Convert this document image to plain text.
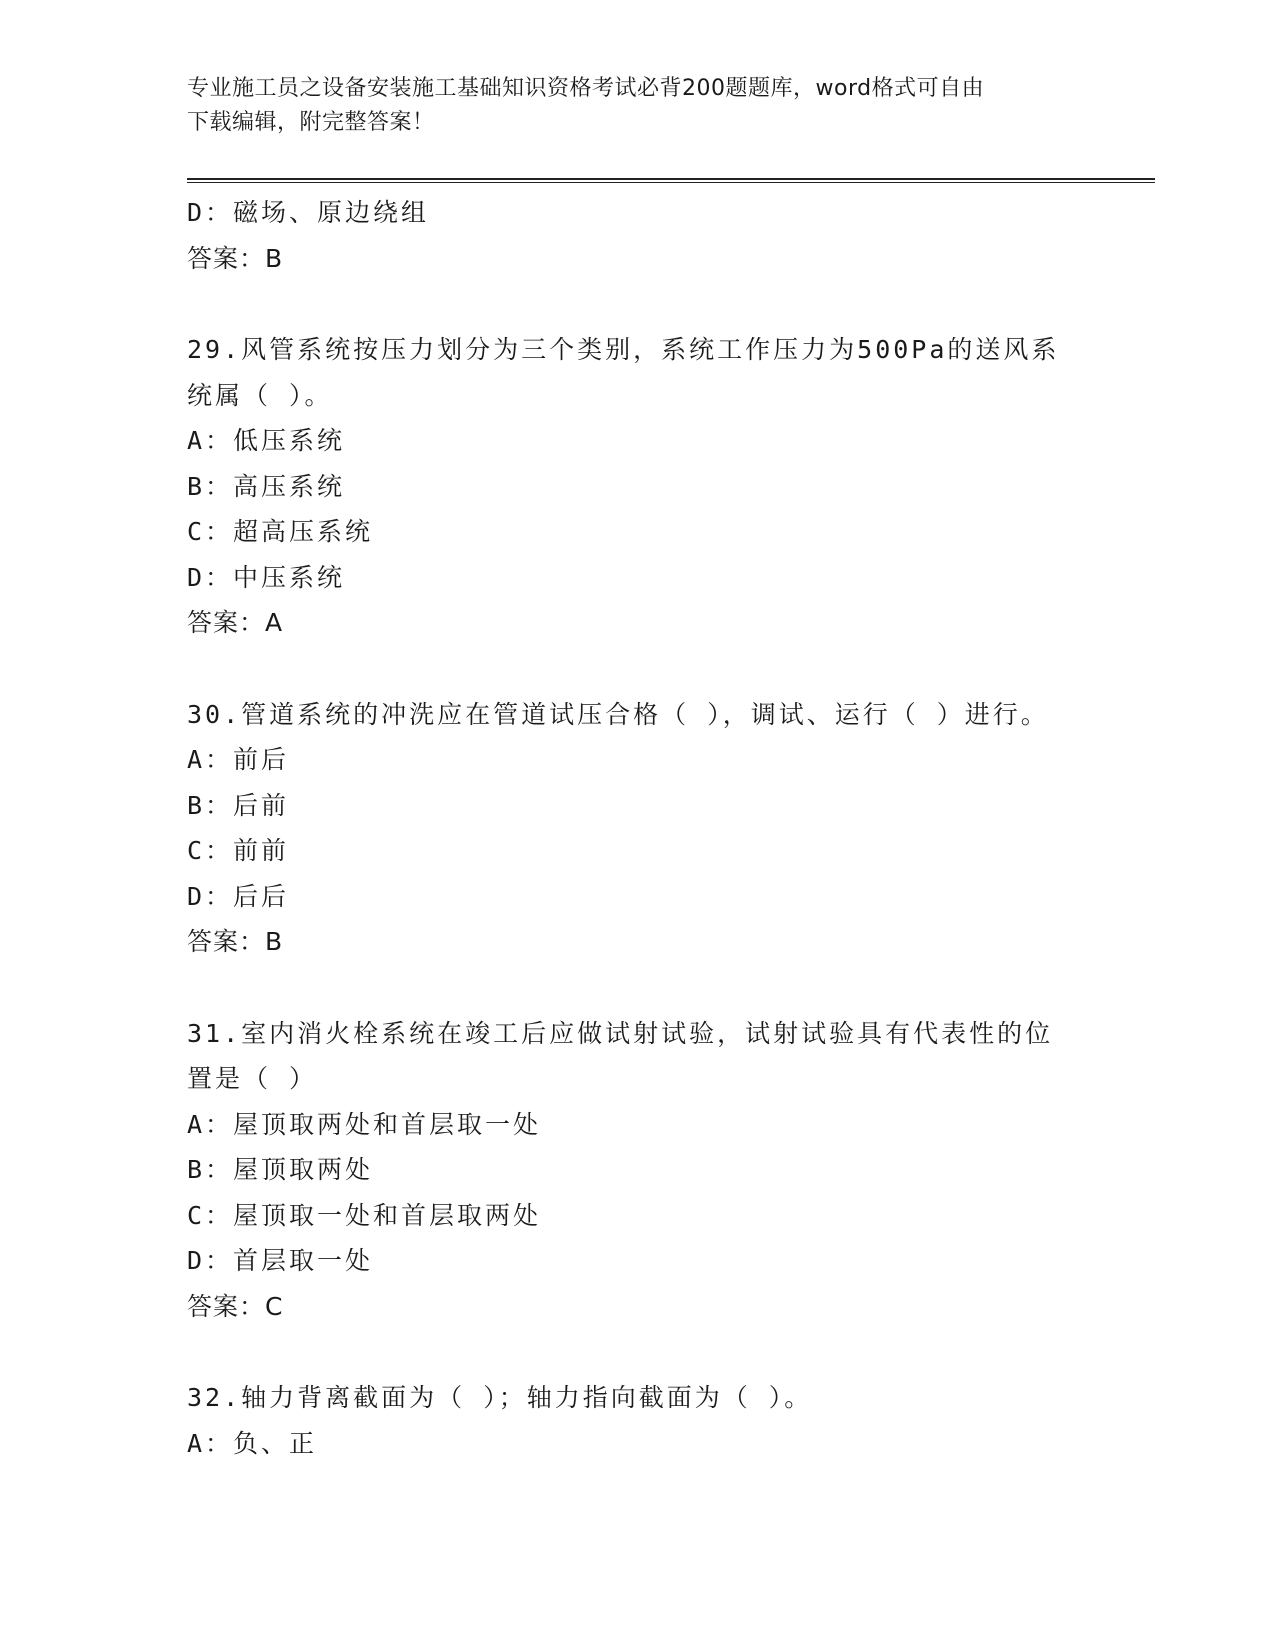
专业施工员之设备安装施工基础知识资格考试必背200题题库，word格式可自由
下载编辑，附完整答案！
D：磁场、原边绕组
答案：B
29.风管系统按压力划分为三个类别，系统工作压力为500Pa的送风系
统属（ ）。
A：低压系统
B：高压系统
C：超高压系统
D：中压系统
答案：A
30.管道系统的冲洗应在管道试压合格（ ），调试、运行（ ）进行。
A：前后
B：后前
C：前前
D：后后
答案：B
31.室内消火栓系统在竣工后应做试射试验，试射试验具有代表性的位
置是（ ）
A：屋顶取两处和首层取一处
B：屋顶取两处
C：屋顶取一处和首层取两处
D：首层取一处
答案：C
32.轴力背离截面为（ ）；轴力指向截面为（ ）。
A：负、正
